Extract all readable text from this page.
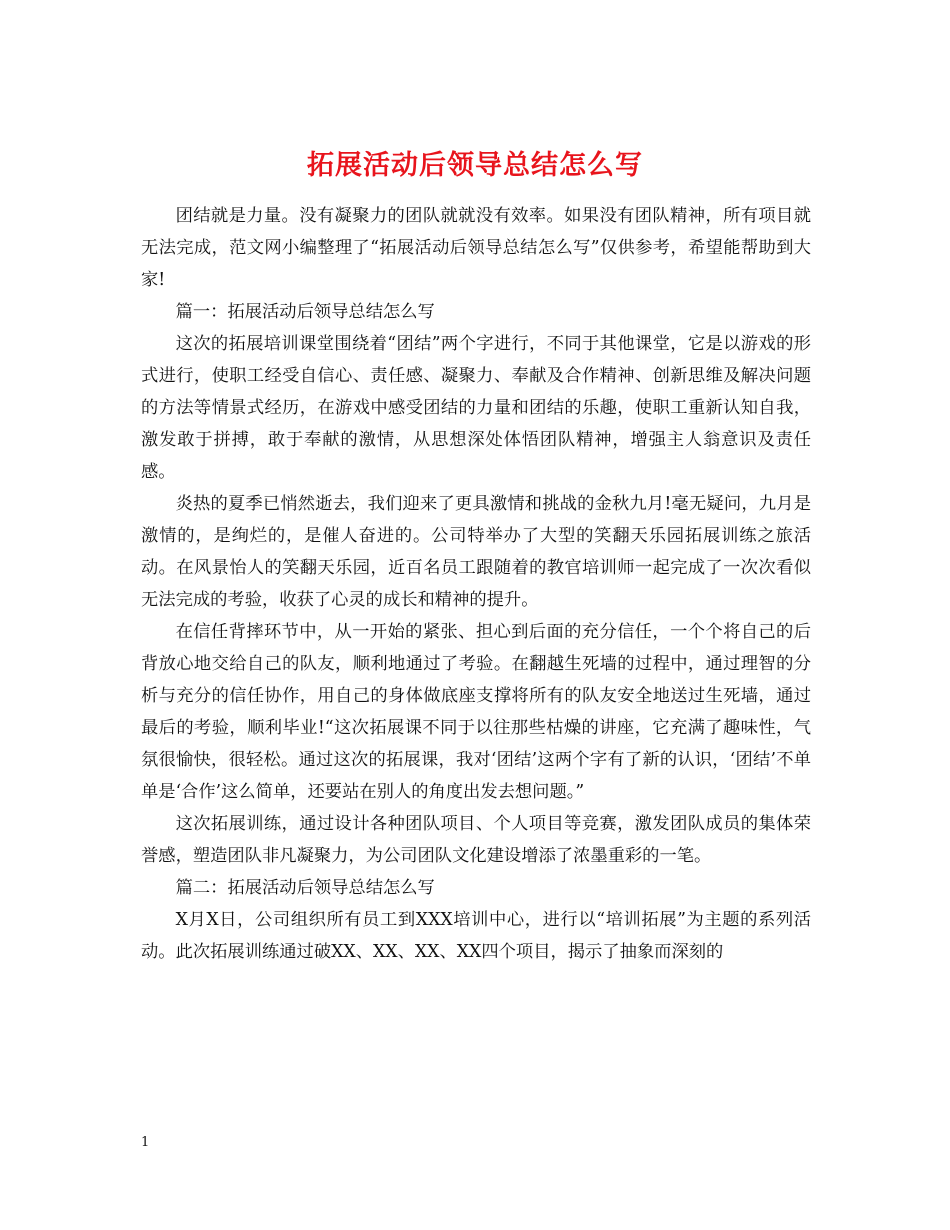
拓展活动后领导总结怎么写

团结就是力量。没有凝聚力的团队就就没有效率。如果没有团队精神，所有项目就无法完成，范文网小编整理了“拓展活动后领导总结怎么写”仅供参考，希望能帮助到大家!

篇一：拓展活动后领导总结怎么写

这次的拓展培训课堂围绕着“团结”两个字进行，不同于其他课堂，它是以游戏的形式进行，使职工经受自信心、责任感、凝聚力、奉献及合作精神、创新思维及解决问题的方法等情景式经历，在游戏中感受团结的力量和团结的乐趣，使职工重新认知自我，激发敢于拼搏，敢于奉献的激情，从思想深处体悟团队精神，增强主人翁意识及责任感。

炎热的夏季已悄然逝去，我们迎来了更具激情和挑战的金秋九月!毫无疑问，九月是激情的，是绚烂的，是催人奋进的。公司特举办了大型的笑翻天乐园拓展训练之旅活动。在风景怡人的笑翻天乐园，近百名员工跟随着的教官培训师一起完成了一次次看似无法完成的考验，收获了心灵的成长和精神的提升。

在信任背摔环节中，从一开始的紧张、担心到后面的充分信任，一个个将自己的后背放心地交给自己的队友，顺利地通过了考验。在翻越生死墙的过程中，通过理智的分析与充分的信任协作，用自己的身体做底座支撑将所有的队友安全地送过生死墙，通过最后的考验，顺利毕业!“这次拓展课不同于以往那些枯燥的讲座，它充满了趣味性，气氛很愉快，很轻松。通过这次的拓展课，我对‘团结’这两个字有了新的认识，‘团结’不单单是‘合作’这么简单，还要站在别人的角度出发去想问题。”

这次拓展训练，通过设计各种团队项目、个人项目等竞赛，激发团队成员的集体荣誉感，塑造团队非凡凝聚力，为公司团队文化建设增添了浓墨重彩的一笔。

篇二：拓展活动后领导总结怎么写

X月X日，公司组织所有员工到XXX培训中心，进行以“培训拓展”为主题的系列活动。此次拓展训练通过破XX、XX、XX、XX四个项目，揭示了抽象而深刻的

1
